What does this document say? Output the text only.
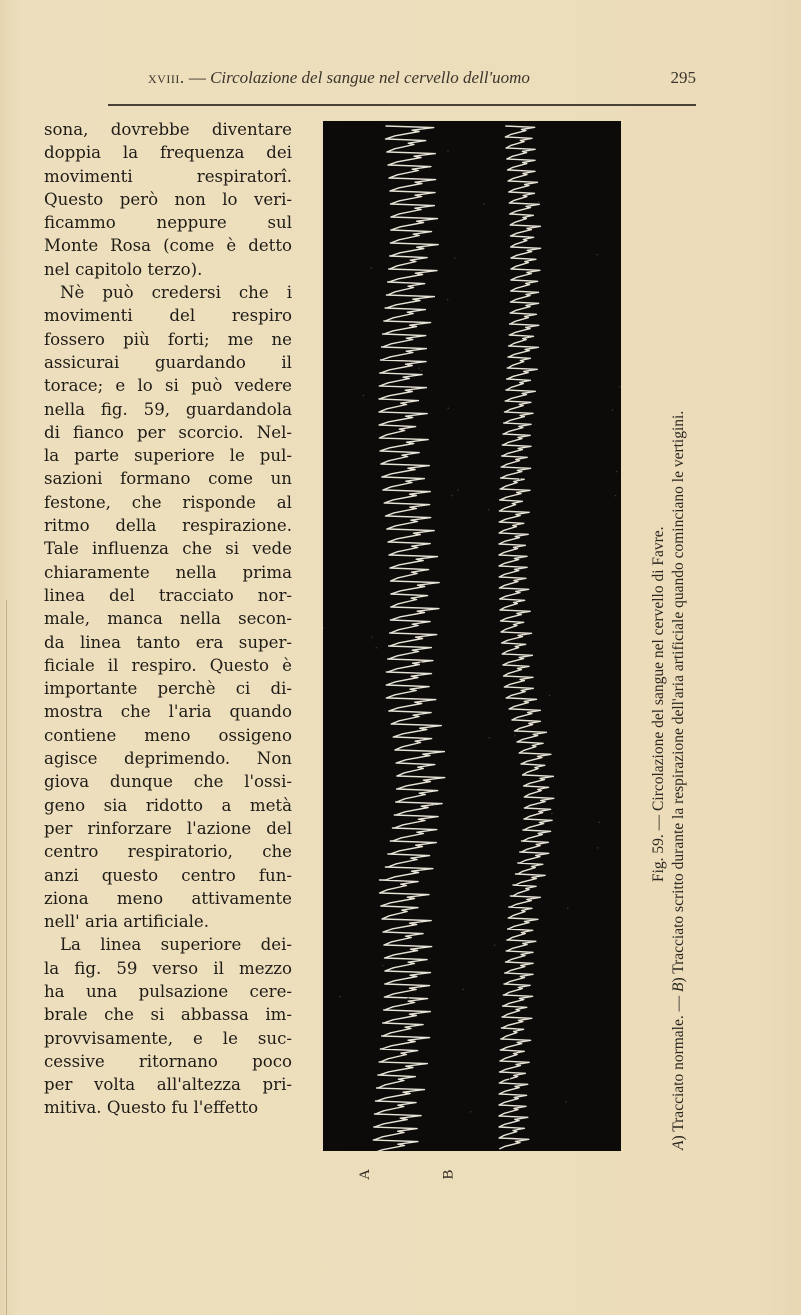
xviii. — Circolazione del sangue nel cervello dell'uomo	295
sona, dovrebbe diventare
doppia la frequenza dei
movimenti respiratorî.
Questo però non lo veri-
ficammo neppure sul
Monte Rosa (come è detto
nel capitolo terzo).
Nè può credersi che i
movimenti del respiro
fossero più forti; me ne
assicurai guardando il
torace; e lo si può vedere
nella fig. 59, guardandola
di fianco per scorcio. Nel-
la parte superiore le pul-
sazioni formano come un
festone, che risponde al
ritmo della respirazione.
Tale influenza che si vede
chiaramente nella prima
linea del tracciato nor-
male, manca nella secon-
da linea tanto era super-
ficiale il respiro. Questo è
importante perchè ci di-
mostra che l'aria quando
contiene meno ossigeno
agisce deprimendo. Non
giova dunque che l'ossi-
geno sia ridotto a metà
per rinforzare l'azione del
centro respiratorio, che
anzi questo centro fun-
ziona meno attivamente
nell' aria artificiale.
La linea superiore dei-
la fig. 59 verso il mezzo
ha una pulsazione cere-
brale che si abbassa im-
provvisamente, e le suc-
cessive ritornano poco
per volta all'altezza pri-
mitiva. Questo fu l'effetto
A	B
Fig. 59. — Circolazione del sangue nel cervello di Favre.
A) Tracciato normale. — B) Tracciato scritto durante la respirazione dell'aria artificiale quando cominciano le vertigini.
